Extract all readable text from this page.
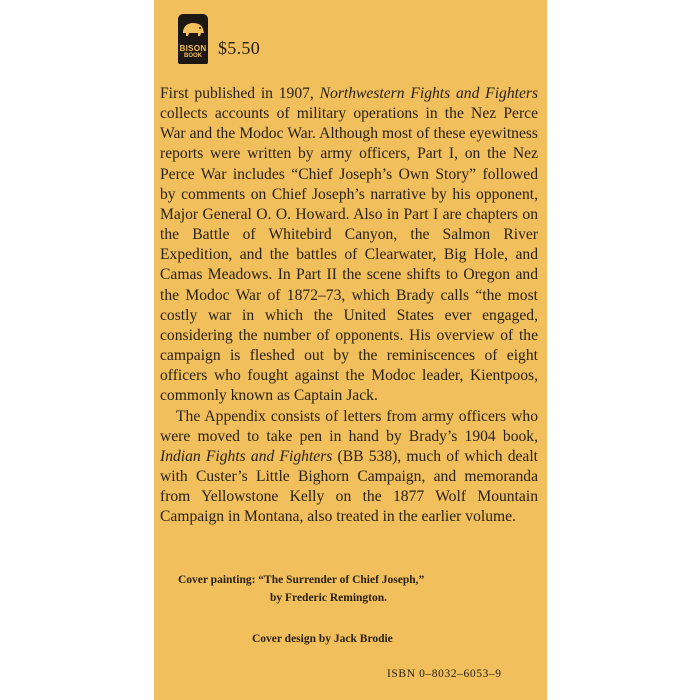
BISON
BOOK $5.50

First published in 1907, Northwestern Fights and Fighters collects accounts of military operations in the Nez Perce War and the Modoc War. Although most of these eyewitness reports were written by army officers, Part I, on the Nez Perce War includes “Chief Joseph’s Own Story” followed by comments on Chief Joseph’s narrative by his opponent, Major General O. O. Howard. Also in Part I are chapters on the Battle of Whitebird Canyon, the Salmon River Expedition, and the battles of Clearwater, Big Hole, and Camas Meadows. In Part II the scene shifts to Oregon and the Modoc War of 1872–73, which Brady calls “the most costly war in which the United States ever engaged, considering the number of opponents. His overview of the campaign is fleshed out by the reminiscences of eight officers who fought against the Modoc leader, Kientpoos, commonly known as Captain Jack.

The Appendix consists of letters from army officers who were moved to take pen in hand by Brady’s 1904 book, Indian Fights and Fighters (BB 538), much of which dealt with Custer’s Little Bighorn Campaign, and memoranda from Yellowstone Kelly on the 1877 Wolf Mountain Campaign in Montana, also treated in the earlier volume.

Cover painting: “The Surrender of Chief Joseph,”
by Frederic Remington.
Cover design by Jack Brodie
ISBN 0–8032–6053–9
